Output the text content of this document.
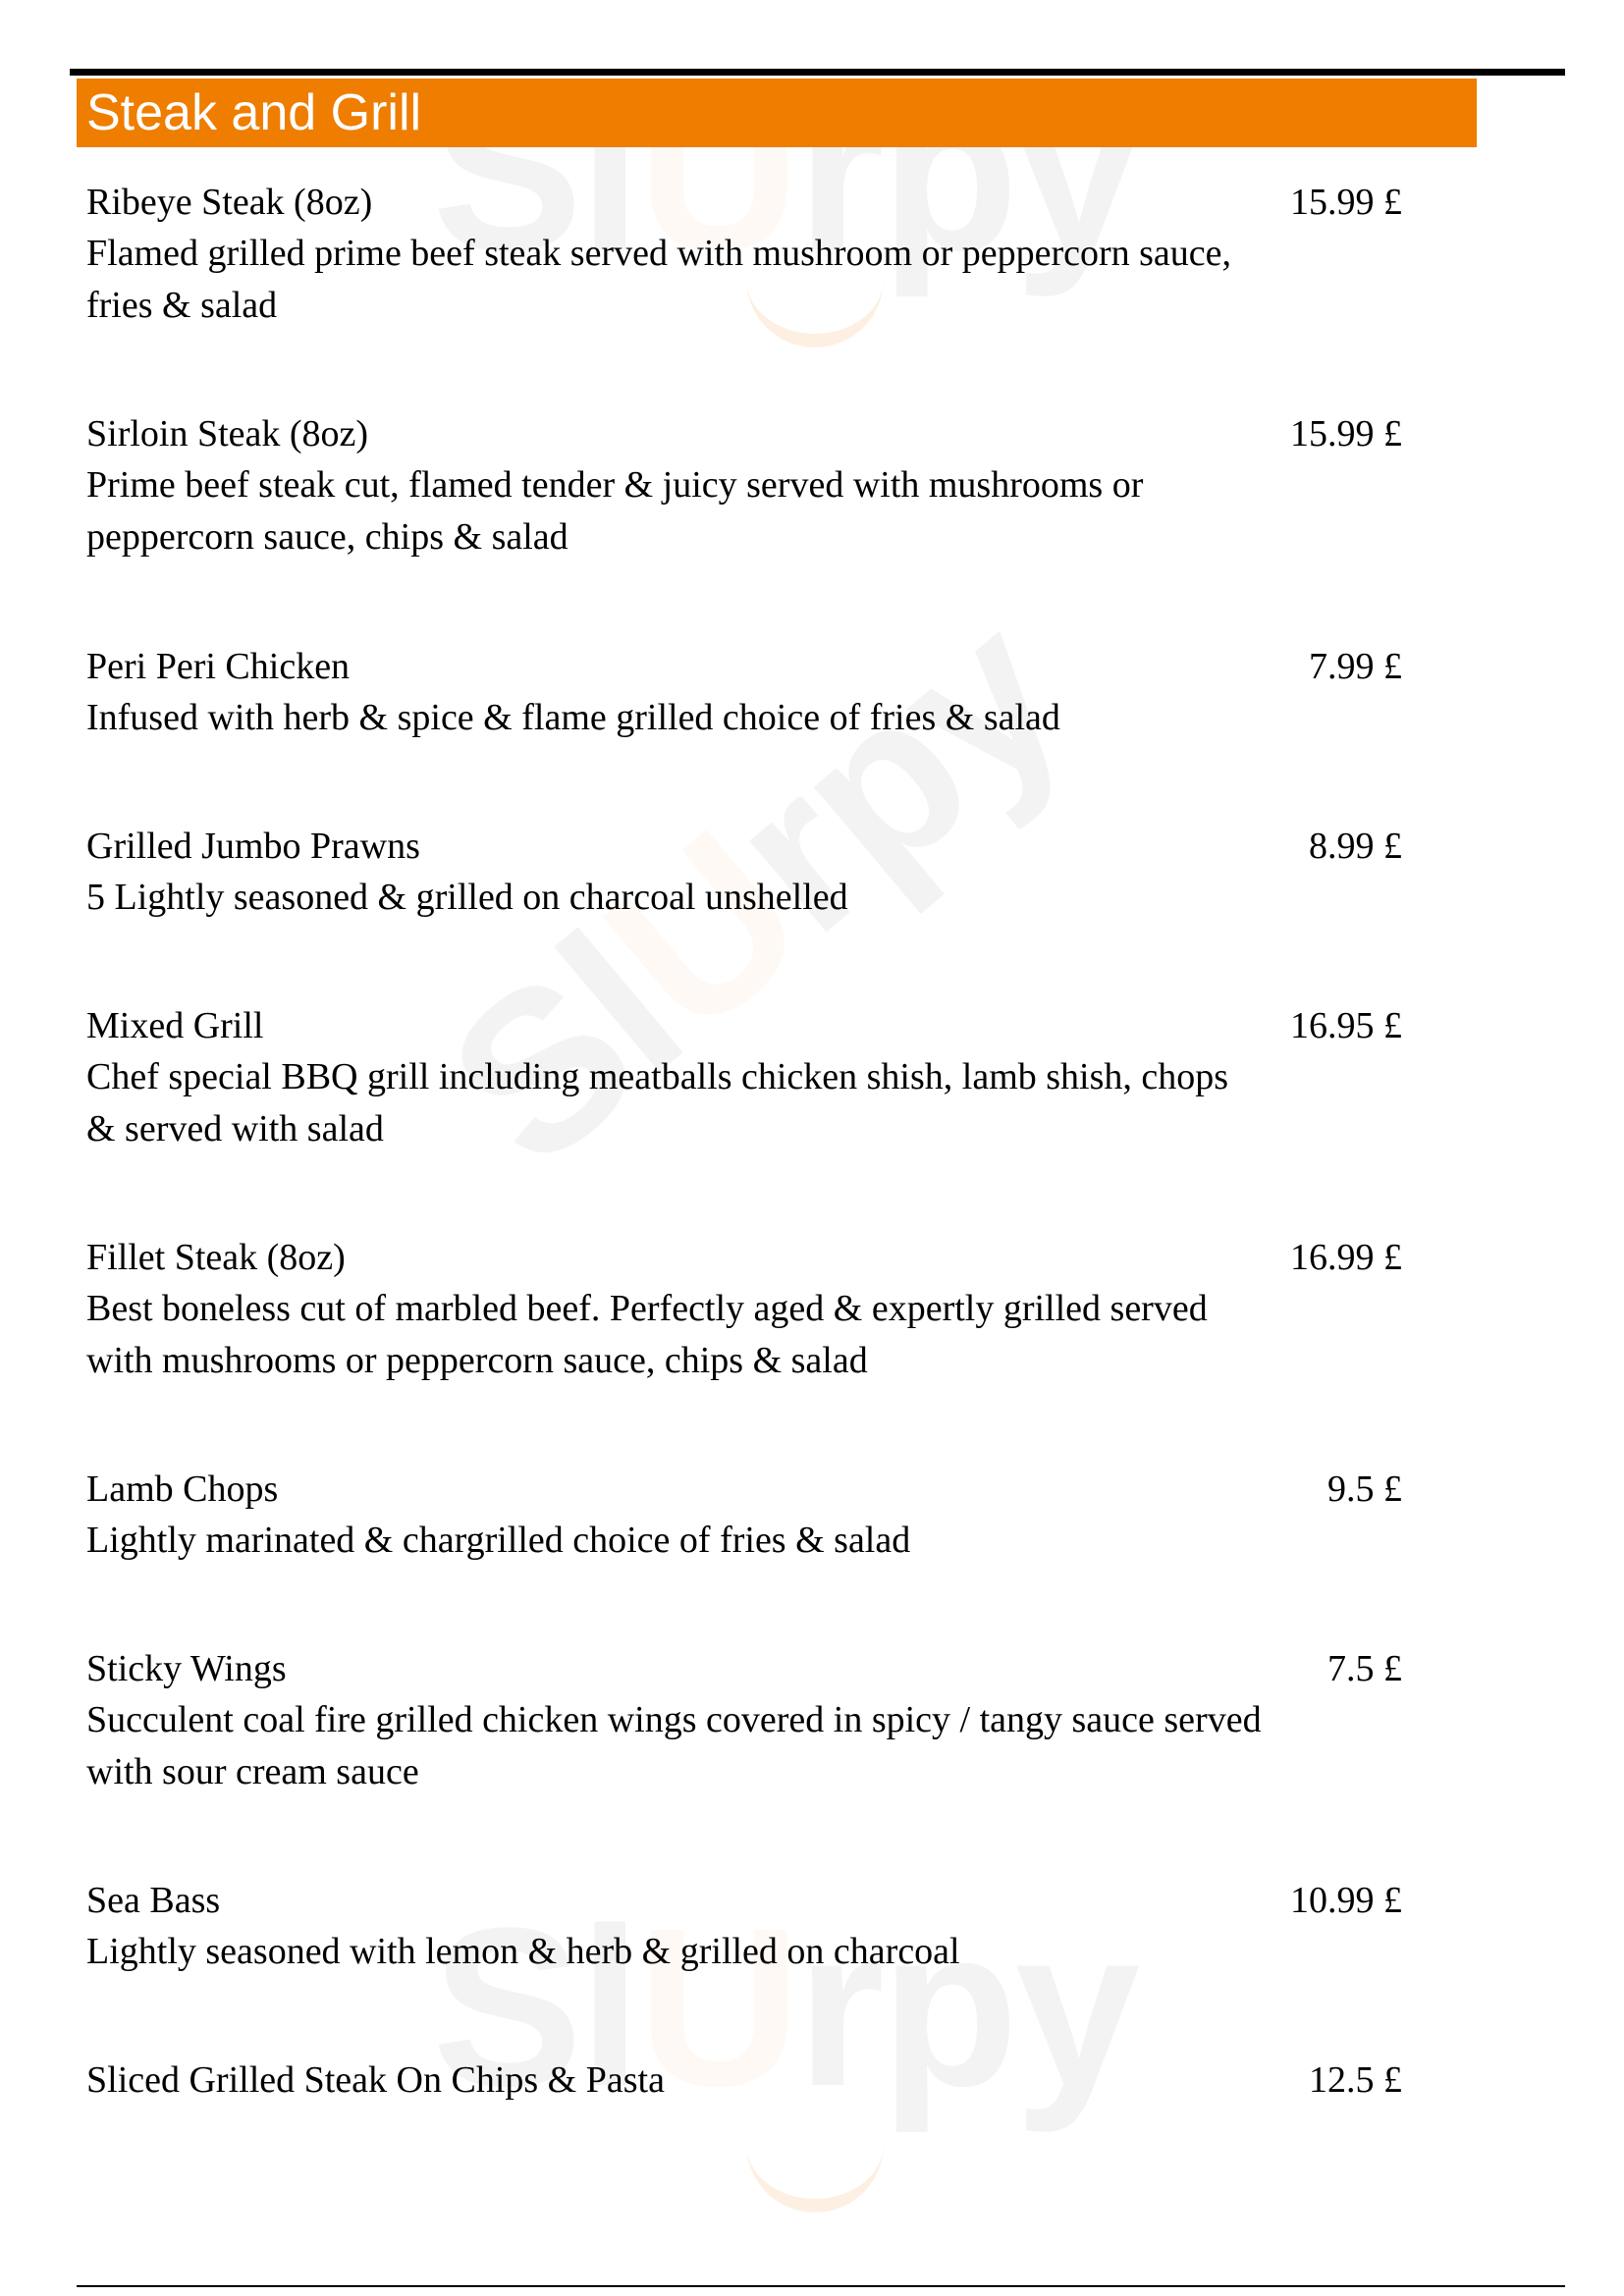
Steak and Grill
Ribeye Steak (8oz)	15.99 £
Flamed grilled prime beef steak served with mushroom or peppercorn sauce, fries & salad
Sirloin Steak (8oz)	15.99 £
Prime beef steak cut, flamed tender & juicy served with mushrooms or peppercorn sauce, chips & salad
Peri Peri Chicken	7.99 £
Infused with herb & spice & flame grilled choice of fries & salad
Grilled Jumbo Prawns	8.99 £
5 Lightly seasoned & grilled on charcoal unshelled
Mixed Grill	16.95 £
Chef special BBQ grill including meatballs chicken shish, lamb shish, chops & served with salad
Fillet Steak (8oz)	16.99 £
Best boneless cut of marbled beef. Perfectly aged & expertly grilled served with mushrooms or peppercorn sauce, chips & salad
Lamb Chops	9.5 £
Lightly marinated & chargrilled choice of fries & salad
Sticky Wings	7.5 £
Succulent coal fire grilled chicken wings covered in spicy / tangy sauce served with sour cream sauce
Sea Bass	10.99 £
Lightly seasoned with lemon & herb & grilled on charcoal
Sliced Grilled Steak On Chips & Pasta	12.5 £
